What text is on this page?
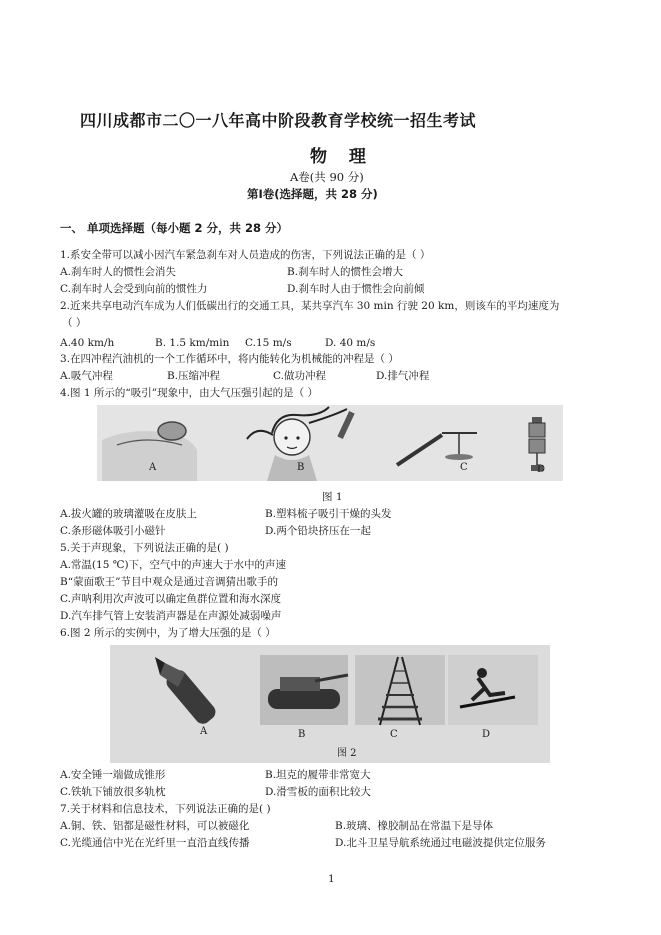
四川成都市二〇一八年高中阶段教育学校统一招生考试
物 理
A卷(共 90 分)
第Ⅰ卷(选择题，共 28 分)
一、 单项选择题（每小题 2 分，共 28 分）
1.系安全带可以减小因汽车紧急刹车对人员造成的伤害，下列说法正确的是（ ）
A.刹车时人的惯性会消失	B.刹车时人的惯性会增大
C.刹车时人会受到向前的惯性力	D.刹车时人由于惯性会向前倾
2.近来共享电动汽车成为人们低碳出行的交通工具，某共享汽车 30 min 行驶 20 km，则该车的平均速度为
（ ）
A.40 km/h	B. 1.5 km/min C.15 m/s	D. 40 m/s
3.在四冲程汽油机的一个工作循环中，将内能转化为机械能的冲程是（ ）
A.吸气冲程	B.压缩冲程	C.做功冲程	D.排气冲程
4.图 1 所示的“吸引”现象中，由大气压强引起的是（ ）
A	B	C	D
图 1
A.拔火罐的玻璃灌吸在皮肤上	B.塑料梳子吸引干燥的头发
C.条形磁体吸引小磁针	D.两个铅块挤压在一起
5.关于声现象，下列说法正确的是( )
A.常温(15 ℃)下，空气中的声速大于水中的声速
B“蒙面歌王”节目中观众是通过音调猜出歌手的
C.声呐利用次声波可以确定鱼群位置和海水深度
D.汽车排气管上安装消声器是在声源处减弱噪声
6.图 2 所示的实例中，为了增大压强的是（ ）
A	B	C	D
图 2
A.安全锤一端做成锥形	B.坦克的履带非常宽大
C.铁轨下铺放很多轨枕	D.滑雪板的面积比较大
7.关于材料和信息技术，下列说法正确的是( )
A.铜、铁、铝都是磁性材料，可以被磁化	B.玻璃、橡胶制品在常温下是导体
C.光缆通信中光在光纤里一直沿直线传播	D.北斗卫星导航系统通过电磁波提供定位服务
1
